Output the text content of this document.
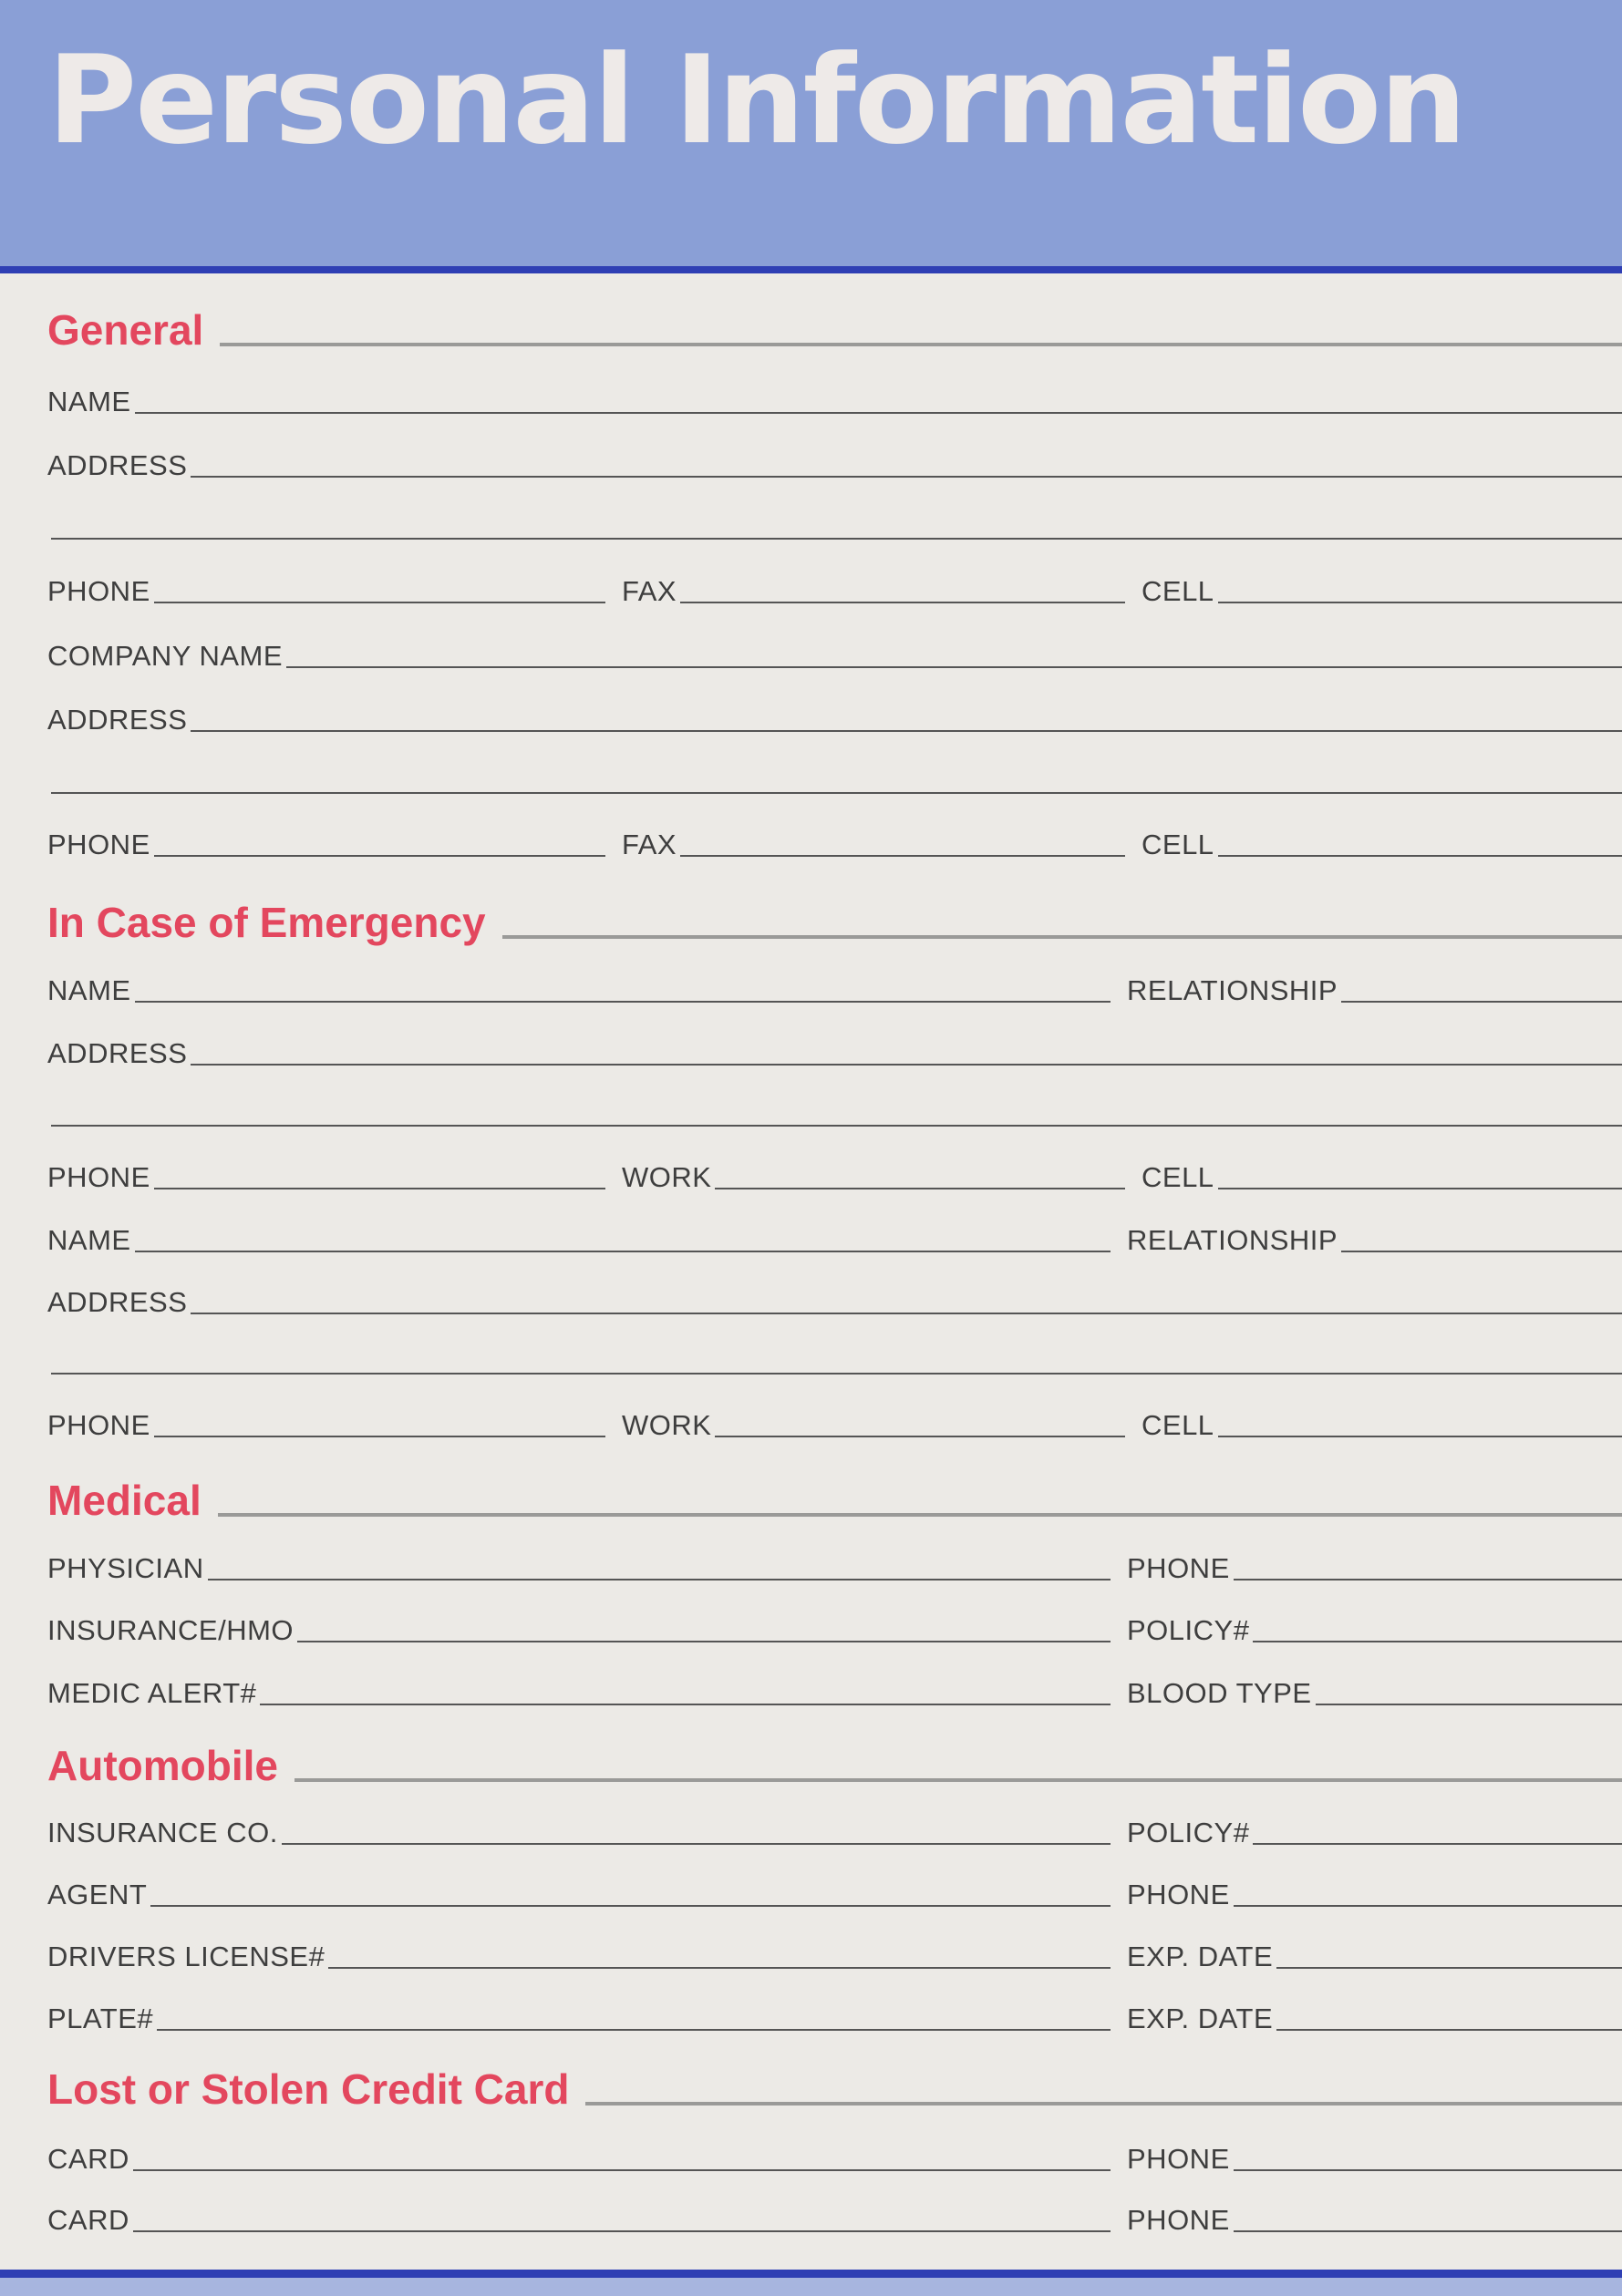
Personal Information
General
NAME
ADDRESS
PHONE	FAX	CELL
COMPANY NAME
ADDRESS
PHONE	FAX	CELL
In Case of Emergency
NAME	RELATIONSHIP
ADDRESS
PHONE	WORK	CELL
NAME	RELATIONSHIP
ADDRESS
PHONE	WORK	CELL
Medical
PHYSICIAN	PHONE
INSURANCE/HMO	POLICY#
MEDIC ALERT#	BLOOD TYPE
Automobile
INSURANCE CO.	POLICY#
AGENT	PHONE
DRIVERS LICENSE#	EXP. DATE
PLATE#	EXP. DATE
Lost or Stolen Credit Card
CARD	PHONE
CARD	PHONE
